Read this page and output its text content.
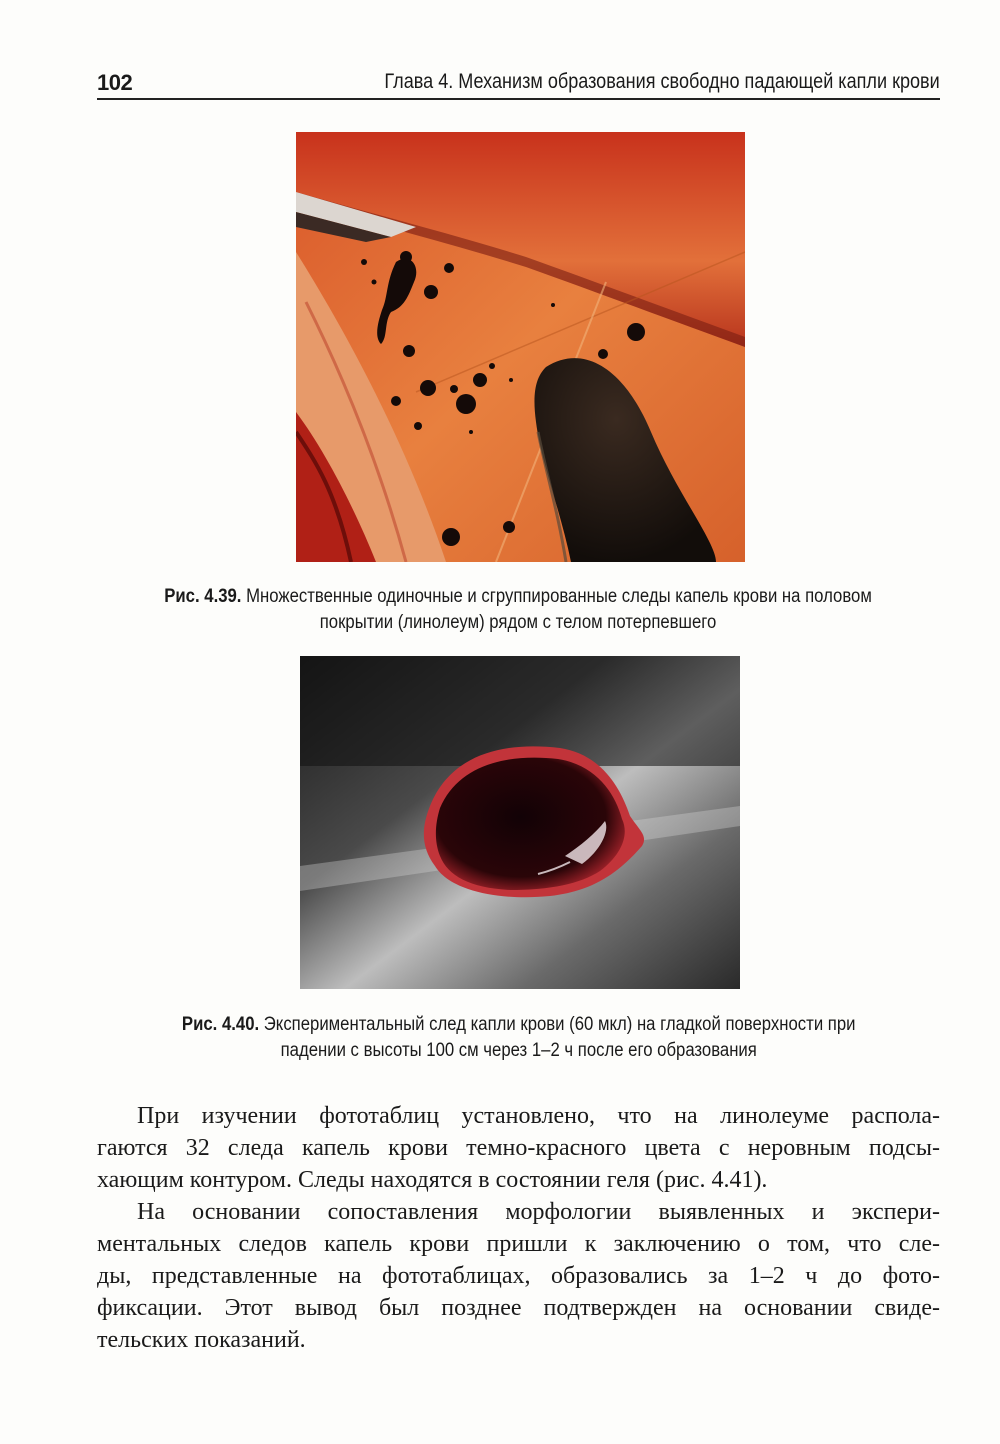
102	Глава 4. Механизм образования свободно падающей капли крови
Рис. 4.39. Множественные одиночные и сгруппированные следы капель крови на половом
покрытии (линолеум) рядом с телом потерпевшего
Рис. 4.40. Экспериментальный след капли крови (60 мкл) на гладкой поверхности при
падении с высоты 100 см через 1–2 ч после его образования
При изучении фототаблиц установлено, что на линолеуме распола-
гаются 32 следа капель крови темно-красного цвета с неровным подсы-
хающим контуром. Следы находятся в состоянии геля (рис. 4.41).
На основании сопоставления морфологии выявленных и экспери-
ментальных следов капель крови пришли к заключению о том, что сле-
ды, представленные на фототаблицах, образовались за 1–2 ч до фото-
фиксации. Этот вывод был позднее подтвержден на основании свиде-
тельских показаний.
